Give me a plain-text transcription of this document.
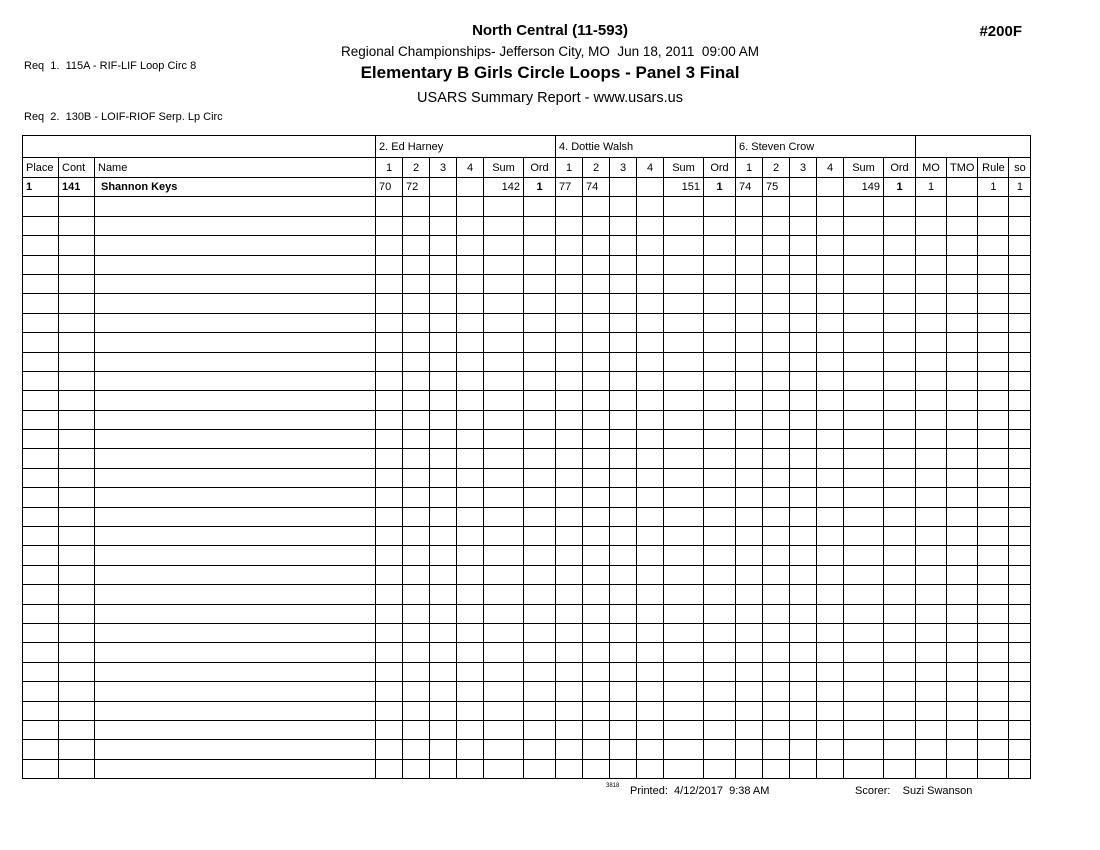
Req  1.  115A - RIF-LIF Loop Circ 8

Req  2.  130B - LOIF-RIOF Serp. Lp Circ

North Central (11-593)
Regional Championships- Jefferson City, MO  Jun 18, 2011  09:00 AM
Elementary B Girls Circle Loops - Panel 3 Final
USARS Summary Report - www.usars.us
#200F
			2. Ed Harney						4. Dottie Walsh						6. Steven Crow									
Place	Cont	Name	1	2	3	4	Sum	Ord	1	2	3	4	Sum	Ord	1	2	3	4	Sum	Ord	MO	TMO	Rule	so
1	141	Shannon Keys	70	72			142	1	77	74			151	1	74	75			149	1	1		1	1

3818 Printed:  4/12/2017  9:38 AM	Scorer:    Suzi Swanson
